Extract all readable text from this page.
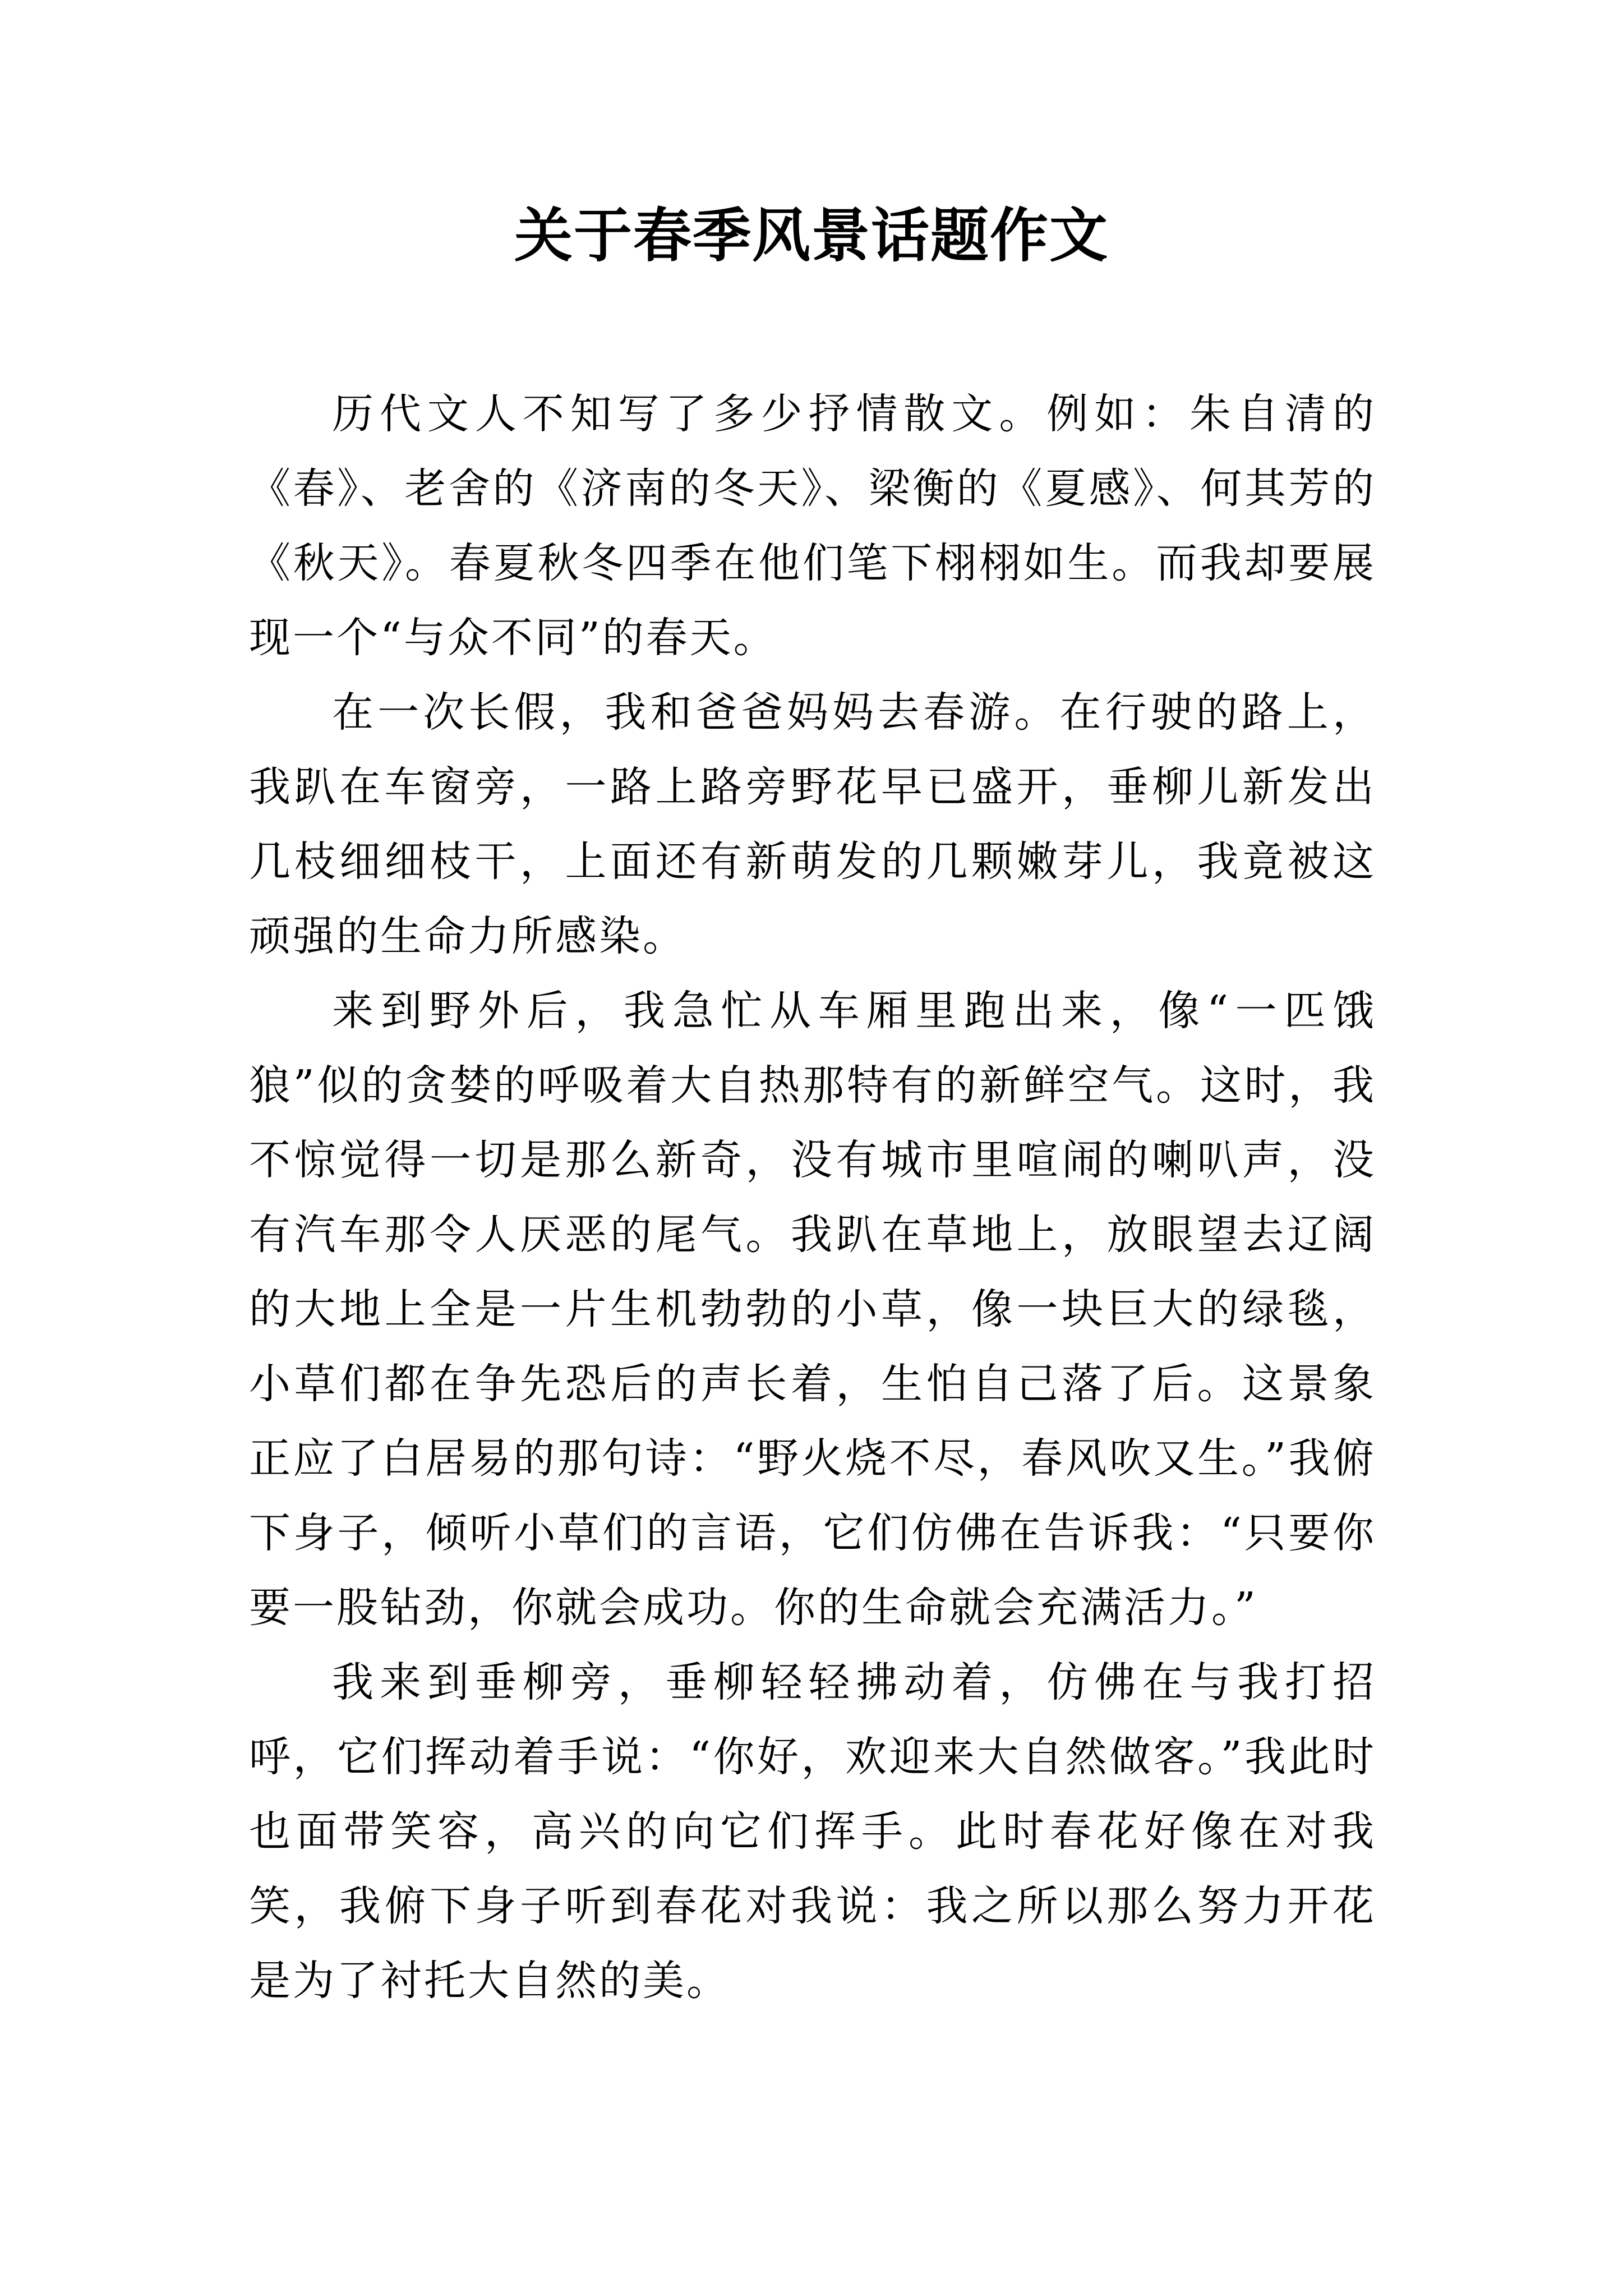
关于春季风景话题作文

历代文人不知写了多少抒情散文。例如：朱自清的《春》、老舍的《济南的冬天》、梁衡的《夏感》、何其芳的《秋天》。春夏秋冬四季在他们笔下栩栩如生。而我却要展现一个“与众不同”的春天。

在一次长假，我和爸爸妈妈去春游。在行驶的路上，我趴在车窗旁，一路上路旁野花早已盛开，垂柳儿新发出几枝细细枝干，上面还有新萌发的几颗嫩芽儿，我竟被这顽强的生命力所感染。

来到野外后，我急忙从车厢里跑出来，像“一匹饿狼”似的贪婪的呼吸着大自热那特有的新鲜空气。这时，我不惊觉得一切是那么新奇，没有城市里喧闹的喇叭声，没有汽车那令人厌恶的尾气。我趴在草地上，放眼望去辽阔的大地上全是一片生机勃勃的小草，像一块巨大的绿毯，小草们都在争先恐后的声长着，生怕自己落了后。这景象正应了白居易的那句诗：“野火烧不尽，春风吹又生。”我俯下身子，倾听小草们的言语，它们仿佛在告诉我：“只要你要一股钻劲，你就会成功。你的生命就会充满活力。”

我来到垂柳旁，垂柳轻轻拂动着，仿佛在与我打招呼，它们挥动着手说：“你好，欢迎来大自然做客。”我此时也面带笑容，高兴的向它们挥手。此时春花好像在对我笑，我俯下身子听到春花对我说：我之所以那么努力开花是为了衬托大自然的美。
